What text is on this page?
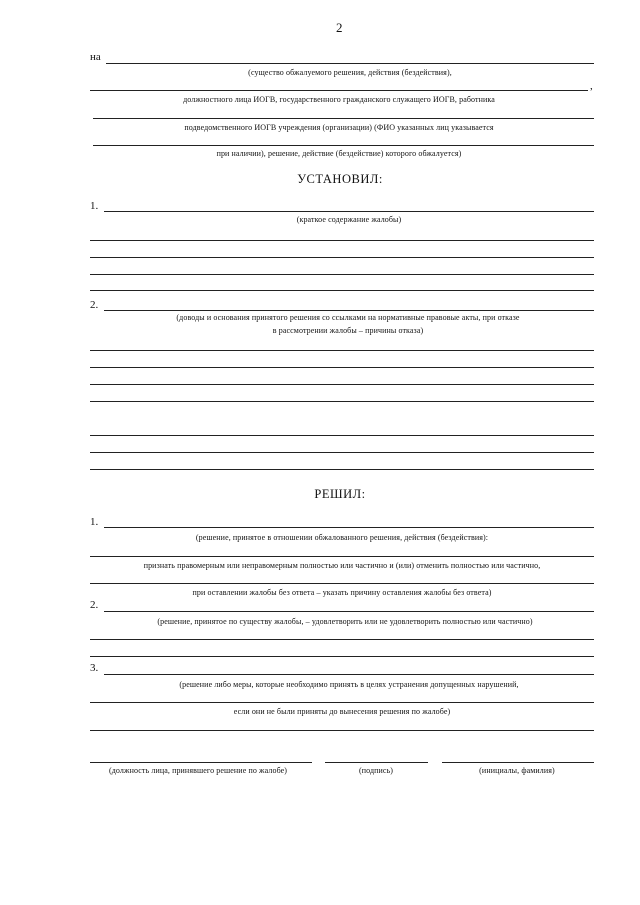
2
на
(существо обжалуемого решения, действия (бездействия),
,
должностного лица ИОГВ, государственного гражданского служащего ИОГВ, работника
подведомственного ИОГВ учреждения (организации) (ФИО указанных лиц указывается
при наличии), решение, действие (бездействие) которого обжалуется)
УСТАНОВИЛ:
1.
(краткое содержание жалобы)
2.
(доводы и основания принятого решения со ссылками на нормативные правовые акты, при отказе
в рассмотрении жалобы – причины отказа)
РЕШИЛ:
1.
(решение, принятое в отношении обжалованного решения, действия (бездействия):
признать правомерным или неправомерным полностью или частично и (или) отменить полностью или частично,
при оставлении жалобы без ответа – указать причину оставления жалобы без ответа)
2.
(решение, принятое по существу жалобы, – удовлетворить или не удовлетворить полностью или частично)
3.
(решение либо меры, которые необходимо принять в целях устранения допущенных нарушений,
если они не были приняты до вынесения решения по жалобе)
(должность лица, принявшего решение по жалобе)	(подпись)	(инициалы, фамилия)
